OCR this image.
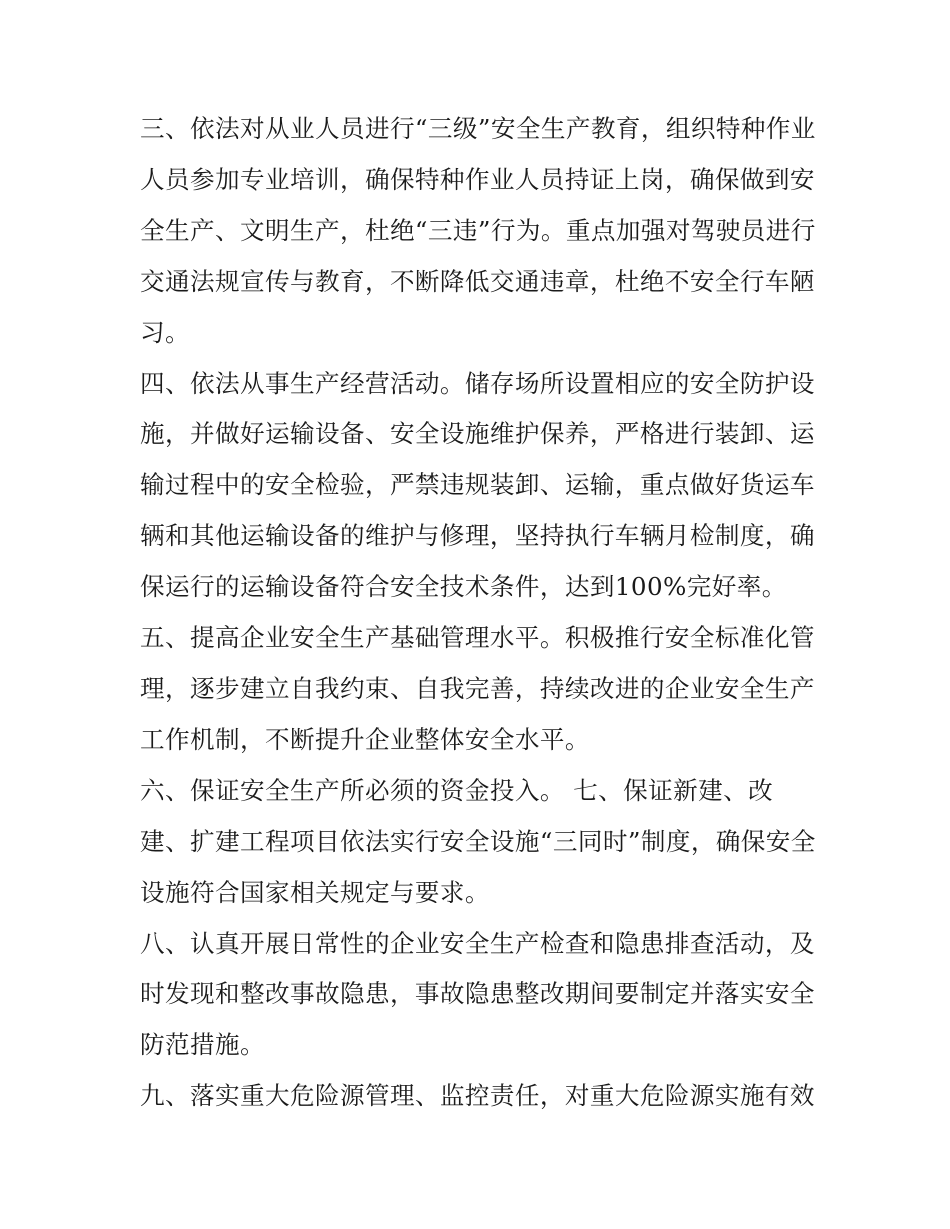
三、依法对从业人员进行“三级”安全生产教育，组织特种作业
人员参加专业培训，确保特种作业人员持证上岗，确保做到安
全生产、文明生产，杜绝“三违”行为。重点加强对驾驶员进行
交通法规宣传与教育，不断降低交通违章，杜绝不安全行车陋
习。
四、依法从事生产经营活动。储存场所设置相应的安全防护设
施，并做好运输设备、安全设施维护保养，严格进行装卸、运
输过程中的安全检验，严禁违规装卸、运输，重点做好货运车
辆和其他运输设备的维护与修理，坚持执行车辆月检制度，确
保运行的运输设备符合安全技术条件，达到100%完好率。
五、提高企业安全生产基础管理水平。积极推行安全标准化管
理，逐步建立自我约束、自我完善，持续改进的企业安全生产
工作机制，不断提升企业整体安全水平。
六、保证安全生产所必须的资金投入。 七、保证新建、改
建、扩建工程项目依法实行安全设施“三同时”制度，确保安全
设施符合国家相关规定与要求。
八、认真开展日常性的企业安全生产检查和隐患排查活动，及
时发现和整改事故隐患，事故隐患整改期间要制定并落实安全
防范措施。
九、落实重大危险源管理、监控责任，对重大危险源实施有效
